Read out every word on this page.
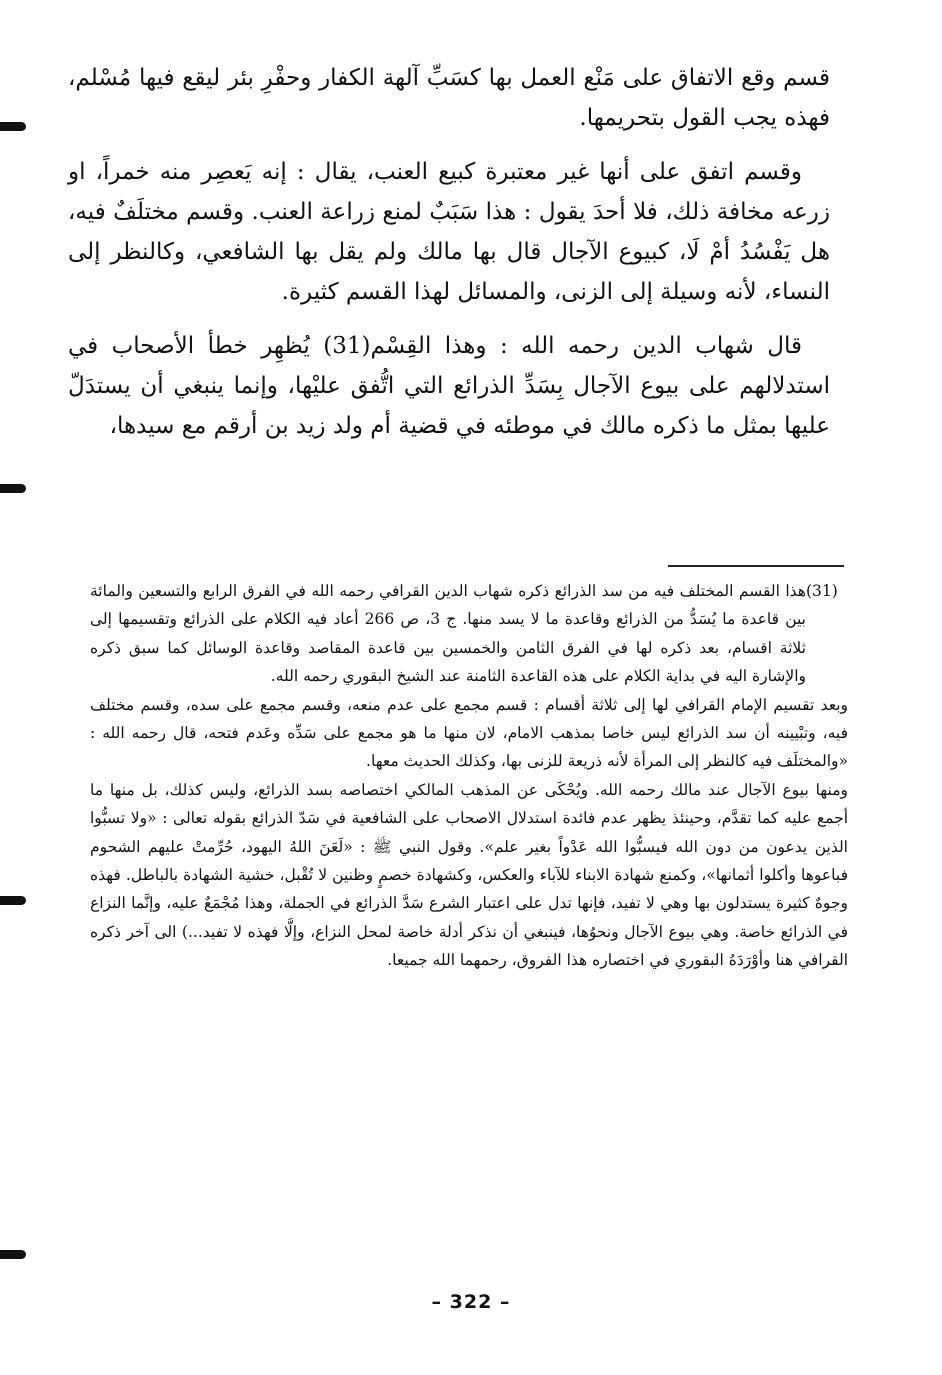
قسم وقع الاتفاق على مَنْع العمل بها كسَبِّ آلهة الكفار وحفْرِ بئر ليقع فيها مُسْلم، فهذه يجب القول بتحريمها.

وقسم اتفق على أنها غير معتبرة كبيع العنب، يقال : إنه يَعصِر منه خمراً، او زرعه مخافة ذلك، فلا أحدَ يقول : هذا سَبَبٌ لمنع زراعة العنب. وقسم مختلَفٌ فيه، هل يَفْسُدُ أمْ لَا، كبيوع الآجال قال بها مالك ولم يقل بها الشافعي، وكالنظر إلى النساء، لأنه وسيلة إلى الزنى، والمسائل لهذا القسم كثيرة.

قال شهاب الدين رحمه الله : وهذا القِسْم(31) يُظهِر خطأ الأصحاب في استدلالهم على بيوع الآجال بِسَدِّ الذرائع التي اتُّفق عليْها، وإنما ينبغي أن يستدَلّ عليها بمثل ما ذكره مالك في موطئه في قضية أم ولد زيد بن أرقم مع سيدها،

(31)

هذا القسم المختلف فيه من سد الذرائع ذكره شهاب الدين القرافي رحمه الله في الفرق الرابع والتسعين والمائة بين قاعدة ما يُسَدُّ من الذرائع وقاعدة ما لا يسد منها. ج 3، ص 266 أعاد فيه الكلام على الذرائع وتقسيمها إلى ثلاثة اقسام، بعد ذكره لها في الفرق الثامن والخمسين بين قاعدة المقاصد وقاعدة الوسائل كما سبق ذكره والإشارة اليه في بداية الكلام على هذه القاعدة الثامنة عند الشيخ البقوري رحمه الله.

وبعد تقسيم الإمام القرافي لها إلى ثلاثة أقسام : قسم مجمع على عدم منعه، وقسم مجمع على سده، وقسم مختلف فيه، وتبْيينه أن سد الذرائع ليس خاصا بمذهب الامام، لان منها ما هو مجمع على سَدِّه وعَدم فتحه، قال رحمه الله : «والمختلَف فيه كالنظر إلى المرأة لأنه ذريعة للزنى بها، وكذلك الحديث معها.

ومنها بيوع الآجال عند مالك رحمه الله. ويُحْكَى عن المذهب المالكي اختصاصه بسد الذرائع، وليس كذلك، بل منها ما أجمع عليه كما تقدَّم، وحينئذ يظهر عدم فائدة استدلال الاصحاب على الشافعية في سَدّ الذرائع بقوله تعالى : «ولا تسبُّوا الذين يدعون من دون الله فيسبُّوا الله عَدْواً بغير علم». وقول النبي ﷺ : «لَعَنَ اللهُ اليهود، حُرِّمتْ عليهم الشحوم فباعوها وأكلوا أثمانها»، وكمنع شهادة الابناء للآباء والعكس، وكشهادة خصمٍ وظنين لا تُقْبل، خشية الشهادة بالباطل. فهذه وجوهٌ كثيرة يستدلون بها وهي لا تفيد، فإنها تدل على اعتبار الشرع سَدَّ الذرائع في الجملة، وهذا مُجْمَعٌ عليه، وإنَّما النزاع في الذرائع خاصة. وهي بيوع الآجال ونحوُها، فينبغي أن نذكر أدلة خاصة لمحل النزاع، وإلَّا فهذه لا تفيد...) الى آخر ذكره القرافي هنا وأوْرَدَهُ البقوري في اختصاره هذا الفروق، رحمهما الله جميعا.

– 322 –
